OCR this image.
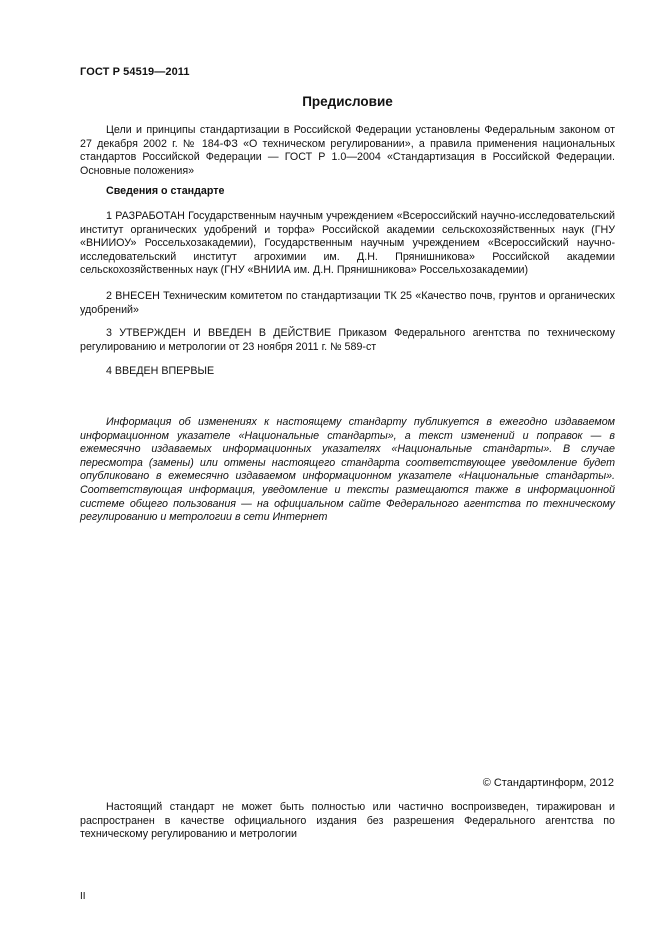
ГОСТ Р 54519—2011
Предисловие
Цели и принципы стандартизации в Российской Федерации установлены Федеральным законом от 27 декабря 2002 г. № 184-ФЗ «О техническом регулировании», а правила применения национальных стандартов Российской Федерации — ГОСТ Р 1.0—2004 «Стандартизация в Российской Федерации. Основные положения»
Сведения о стандарте
1 РАЗРАБОТАН Государственным научным учреждением «Всероссийский научно-исследовательский институт органических удобрений и торфа» Российской академии сельскохозяйственных наук (ГНУ «ВНИИОУ» Россельхозакадемии), Государственным научным учреждением «Всероссийский научно-исследовательский институт агрохимии им. Д.Н. Прянишникова» Российской академии сельскохозяйственных наук (ГНУ «ВНИИА им. Д.Н. Прянишникова» Россельхозакадемии)
2 ВНЕСЕН Техническим комитетом по стандартизации ТК 25 «Качество почв, грунтов и органических удобрений»
3 УТВЕРЖДЕН И ВВЕДЕН В ДЕЙСТВИЕ Приказом Федерального агентства по техническому регулированию и метрологии от 23 ноября 2011 г. № 589-ст
4 ВВЕДЕН ВПЕРВЫЕ
Информация об изменениях к настоящему стандарту публикуется в ежегодно издаваемом информационном указателе «Национальные стандарты», а текст изменений и поправок — в ежемесячно издаваемых информационных указателях «Национальные стандарты». В случае пересмотра (замены) или отмены настоящего стандарта соответствующее уведомление будет опубликовано в ежемесячно издаваемом информационном указателе «Национальные стандарты». Соответствующая информация, уведомление и тексты размещаются также в информационной системе общего пользования — на официальном сайте Федерального агентства по техническому регулированию и метрологии в сети Интернет
© Стандартинформ, 2012
Настоящий стандарт не может быть полностью или частично воспроизведен, тиражирован и распространен в качестве официального издания без разрешения Федерального агентства по техническому регулированию и метрологии
II
